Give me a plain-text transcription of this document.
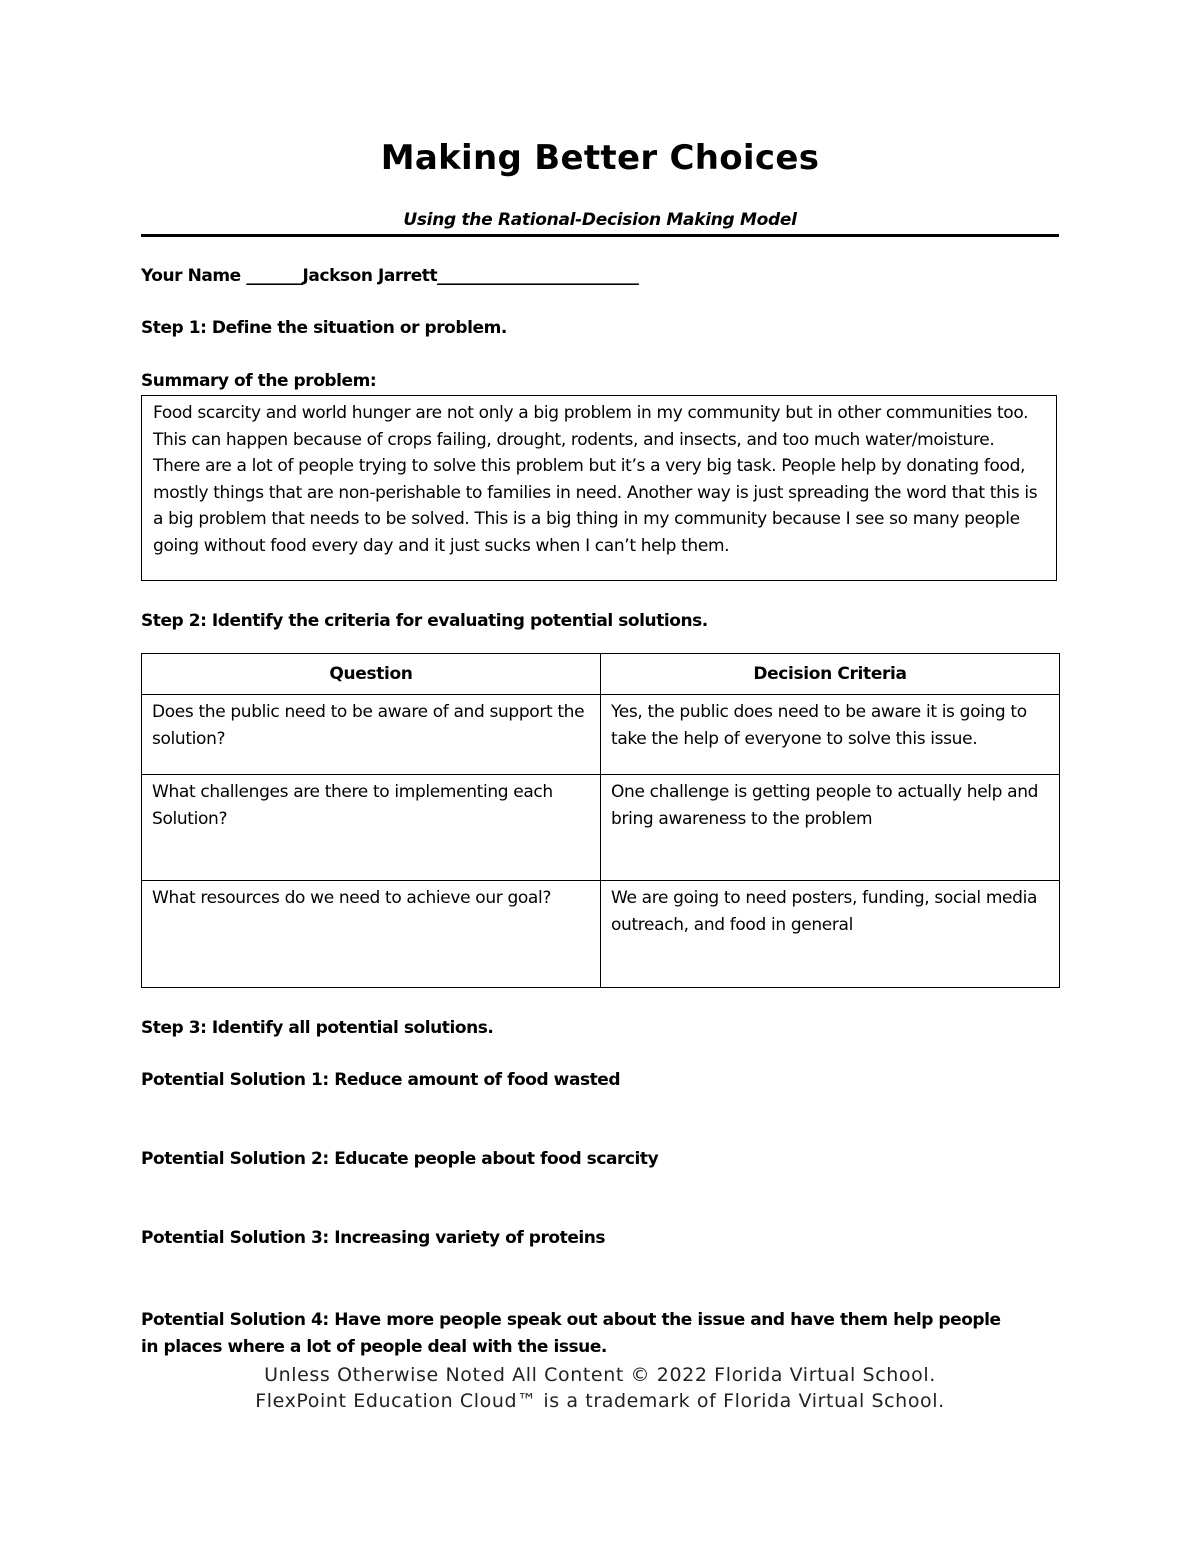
Making Better Choices
Using the Rational-Decision Making Model
Your Name _______Jackson Jarrett_________________________
Step 1: Define the situation or problem.
Summary of the problem:
Food scarcity and world hunger are not only a big problem in my community but in other communities too. This can happen because of crops failing, drought, rodents, and insects, and too much water/moisture. There are a lot of people trying to solve this problem but it’s a very big task. People help by donating food, mostly things that are non-perishable to families in need. Another way is just spreading the word that this is a big problem that needs to be solved. This is a big thing in my community because I see so many people going without food every day and it just sucks when I can’t help them.
Step 2: Identify the criteria for evaluating potential solutions.
Question	Decision Criteria
Does the public need to be aware of and support the solution?	Yes, the public does need to be aware it is going to take the help of everyone to solve this issue.
What challenges are there to implementing each Solution?	One challenge is getting people to actually help and bring awareness to the problem
What resources do we need to achieve our goal?	We are going to need posters, funding, social media outreach, and food in general
Step 3: Identify all potential solutions.
Potential Solution 1: Reduce amount of food wasted
Potential Solution 2: Educate people about food scarcity
Potential Solution 3: Increasing variety of proteins
Potential Solution 4: Have more people speak out about the issue and have them help people in places where a lot of people deal with the issue.
Unless Otherwise Noted All Content © 2022 Florida Virtual School.
FlexPoint Education Cloud™ is a trademark of Florida Virtual School.
